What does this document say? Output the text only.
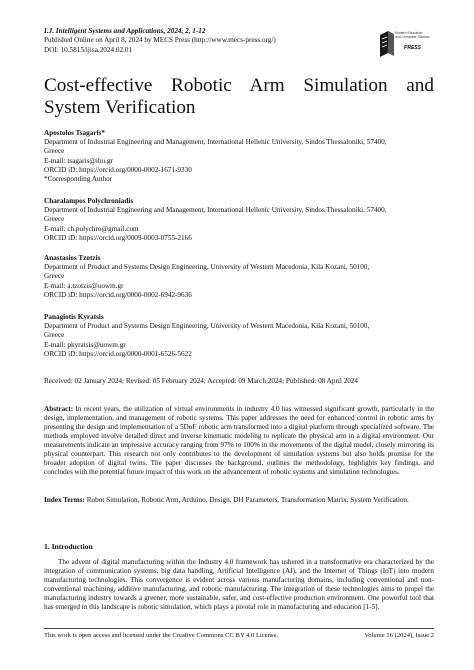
I.J. Intelligent Systems and Applications, 2024, 2, 1-12
Published Online on April 8, 2024 by MECS Press (http://www.mecs-press.org/)
DOI: 10.5815/ijisa.2024.02.01
Modern Education
and Computer Science
PRESS
Cost-effective Robotic Arm Simulation and System Verification
Apostolos Tsagaris*
Department of Industrial Engineering and Management, International Hellenic University, Sindos Thessaloniki, 57400,
Greece
E-mail: tsagaris@ihu.gr
ORCID iD: https://orcid.org/0000-0002-1671-9330
*Corresponding Author
Charalampos Polychroniadis
Department of Industrial Engineering and Management, International Hellenic University, Sindos Thessaloniki, 57400,
Greece
E-mail: ch.polychro@gmail.com
ORCID iD: https://orcid.org/0009-0003-0755-2166
Anastasios Tzotzis
Department of Product and Systems Design Engineering, University of Western Macedonia, Kila Kozani, 50100,
Greece
E-mail: a.tzotzis@uowm.gr
ORCID iD: https://orcid.org/0000-0002-6942-9636
Panagiotis Kyratsis
Department of Product and Systems Design Engineering, University of Western Macedonia, Kila Kozani, 50100,
Greece
E-mail: pkyratsis@uowm.gr
ORCID iD: https://orcid.org/0000-0001-6526-5622
Received: 02 January 2024; Revised: 05 February 2024; Accepted: 09 March 2024; Published: 08 April 2024
Abstract: In recent years, the utilization of virtual environments in industry 4.0 has witnessed significant growth, particularly in the design, implementation, and management of robotic systems. This paper addresses the need for enhanced control in robotic arms by presenting the design and implementation of a 5DoF robotic arm transformed into a digital platform through specialized software. The methods employed involve detailed direct and inverse kinematic modeling to replicate the physical arm in a digital environment. Our measurements indicate an impressive accuracy ranging from 97% to 100% in the movements of the digital model, closely mirroring its physical counterpart. This research not only contributes to the development of simulation systems but also holds promise for the broader adoption of digital twins. The paper discusses the background, outlines the methodology, highlights key findings, and concludes with the potential future impact of this work on the advancement of robotic systems and simulation technologies.
Index Terms: Robot Simulation, Robotic Arm, Arduino, Design, DH Parameters, Transformation Matrix, System Verification.
1. Introduction
The advent of digital manufacturing within the Industry 4.0 framework has ushered in a transformative era characterized by the integration of communication systems, big data handling, Artificial Intelligence (AI), and the Internet of Things (IoT) into modern manufacturing technologies. This convergence is evident across various manufacturing domains, including conventional and non-conventional machining, additive manufacturing, and robotic manufacturing. The integration of these technologies aims to propel the manufacturing industry towards a greener, more sustainable, safer, and cost-effective production environment. One powerful tool that has emerged in this landscape is robotic simulation, which plays a pivotal role in manufacturing and education [1-5].
This work is open access and licensed under the Creative Commons CC BY 4.0 License.	Volume 16 (2024), Issue 2
